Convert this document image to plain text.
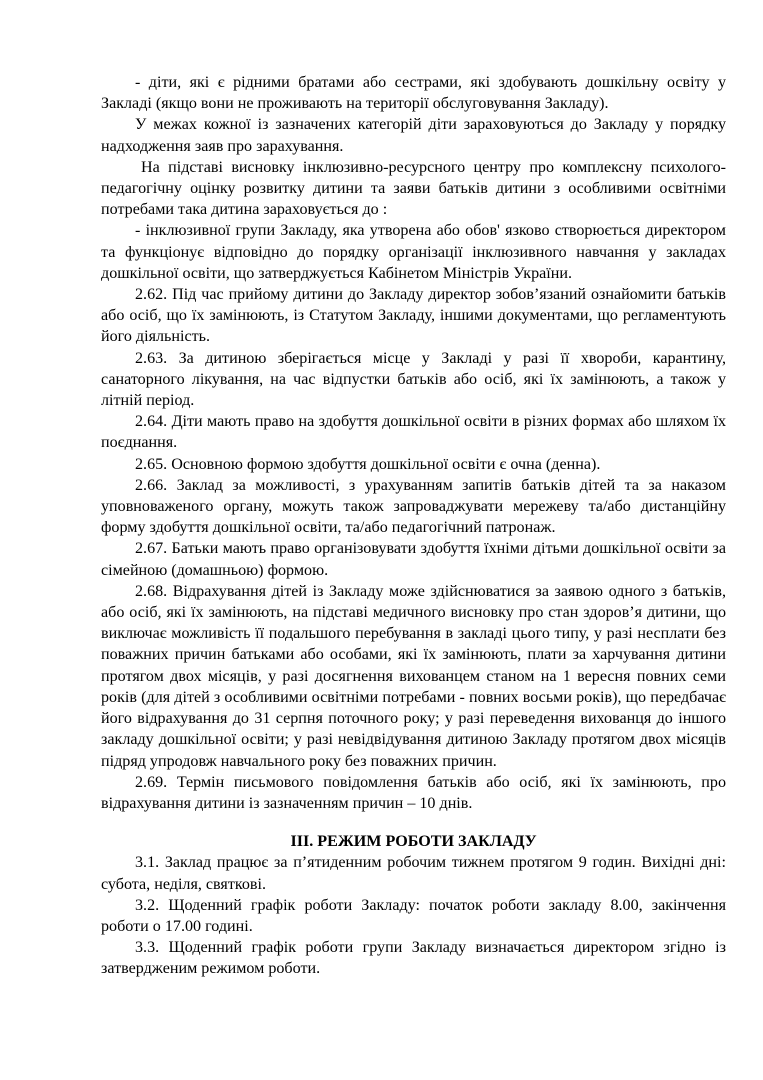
- діти, які є рідними братами або сестрами, які здобувають дошкільну освіту у Закладі (якщо вони не проживають на території обслуговування Закладу).

У межах кожної із зазначених категорій діти зараховуються до Закладу у порядку надходження заяв про зарахування.

На підставі висновку інклюзивно-ресурсного центру про комплексну психолого-педагогічну оцінку розвитку дитини та заяви батьків дитини з особливими освітніми потребами така дитина зараховується до :

- інклюзивної групи Закладу, яка утворена або обов' язково створюється директором та функціонує відповідно до порядку організації інклюзивного навчання у закладах дошкільної освіти, що затверджується Кабінетом Міністрів України.

2.62. Під час прийому дитини до Закладу директор зобов’язаний ознайомити батьків або осіб, що їх замінюють, із Статутом Закладу, іншими документами, що регламентують його діяльність.

2.63. За дитиною зберігається місце у Закладі у разі її хвороби, карантину, санаторного лікування, на час відпустки батьків або осіб, які їх замінюють, а також у літній період.

2.64. Діти мають право на здобуття дошкільної освіти в різних формах або шляхом їх поєднання.

2.65. Основною формою здобуття дошкільної освіти є очна (денна).

2.66. Заклад за можливості, з урахуванням запитів батьків дітей та за наказом уповноваженого органу, можуть також запроваджувати мережеву та/або дистанційну форму здобуття дошкільної освіти, та/або педагогічний патронаж.

2.67. Батьки мають право організовувати здобуття їхніми дітьми дошкільної освіти за сімейною (домашньою) формою.

2.68. Відрахування дітей із Закладу може здійснюватися за заявою одного з батьків, або осіб, які їх замінюють, на підставі медичного висновку про стан здоров’я дитини, що виключає можливість її подальшого перебування в закладі цього типу, у разі несплати без поважних причин батьками або особами, які їх замінюють, плати за харчування дитини протягом двох місяців, у разі досягнення вихованцем станом на 1 вересня повних семи років (для дітей з особливими освітніми потребами - повних восьми років), що передбачає його відрахування до 31 серпня поточного року; у разі переведення вихованця до іншого закладу дошкільної освіти; у разі невідвідування дитиною Закладу протягом двох місяців підряд упродовж навчального року без поважних причин.

2.69. Термін письмового повідомлення батьків або осіб, які їх замінюють, про відрахування дитини із зазначенням причин – 10 днів.

ІІІ. РЕЖИМ РОБОТИ ЗАКЛАДУ

3.1. Заклад працює за п’ятиденним робочим тижнем протягом 9 годин. Вихідні дні: субота, неділя, святкові.

3.2. Щоденний графік роботи Закладу: початок роботи закладу 8.00, закінчення роботи о 17.00 годині.

3.3. Щоденний графік роботи групи Закладу визначається директором згідно із затвердженим режимом роботи.
